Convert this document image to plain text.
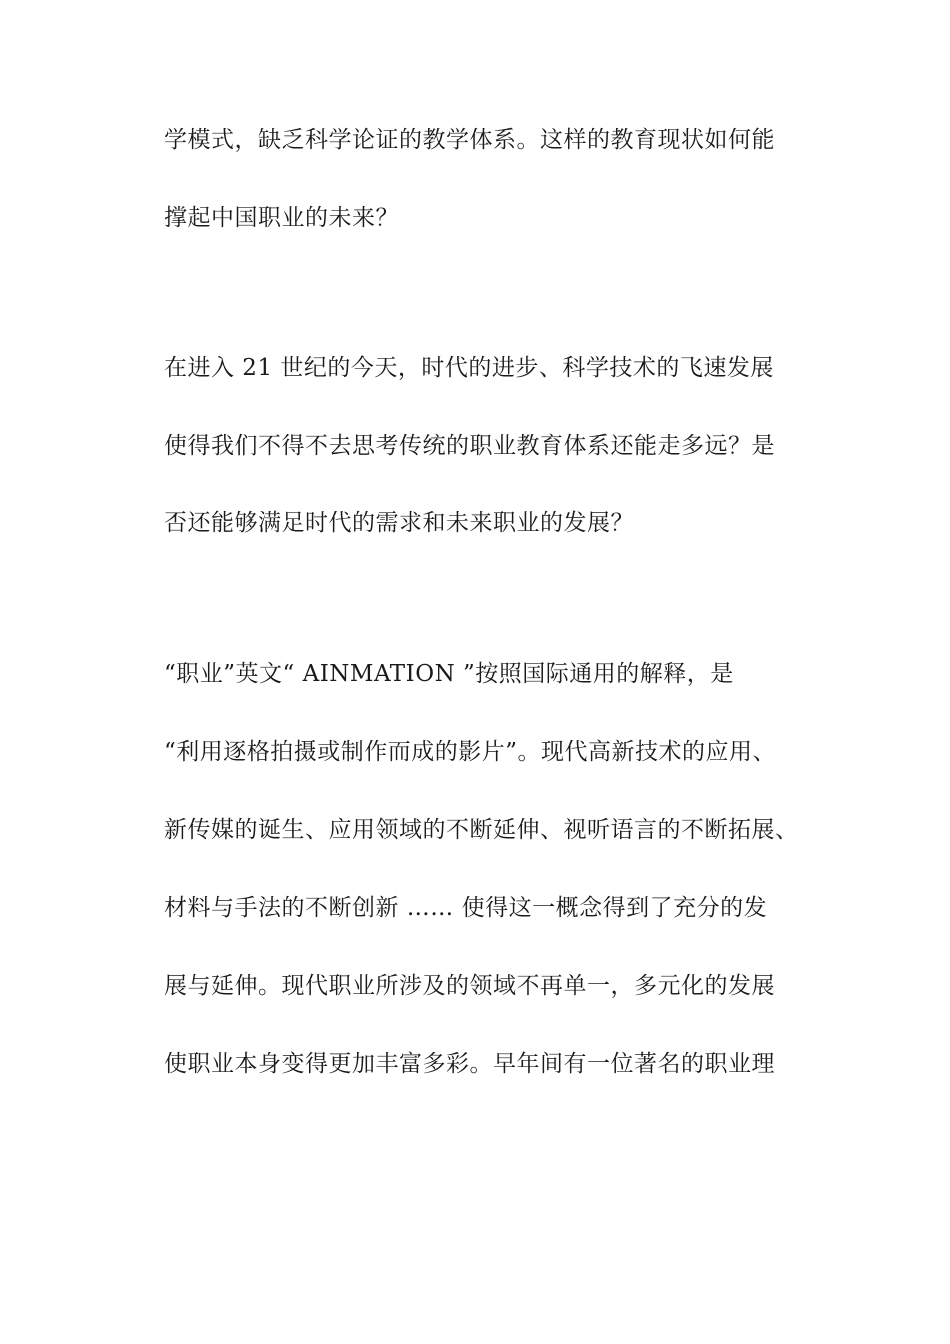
学模式，缺乏科学论证的教学体系。这样的教育现状如何能
撑起中国职业的未来？
在进入 21 世纪的今天，时代的进步、科学技术的飞速发展
使得我们不得不去思考传统的职业教育体系还能走多远？是
否还能够满足时代的需求和未来职业的发展？
“职业”英文“ AINMATION ”按照国际通用的解释，是
“利用逐格拍摄或制作而成的影片”。现代高新技术的应用、
新传媒的诞生、应用领域的不断延伸、视听语言的不断拓展、
材料与手法的不断创新 …… 使得这一概念得到了充分的发
展与延伸。现代职业所涉及的领域不再单一，多元化的发展
使职业本身变得更加丰富多彩。早年间有一位著名的职业理
